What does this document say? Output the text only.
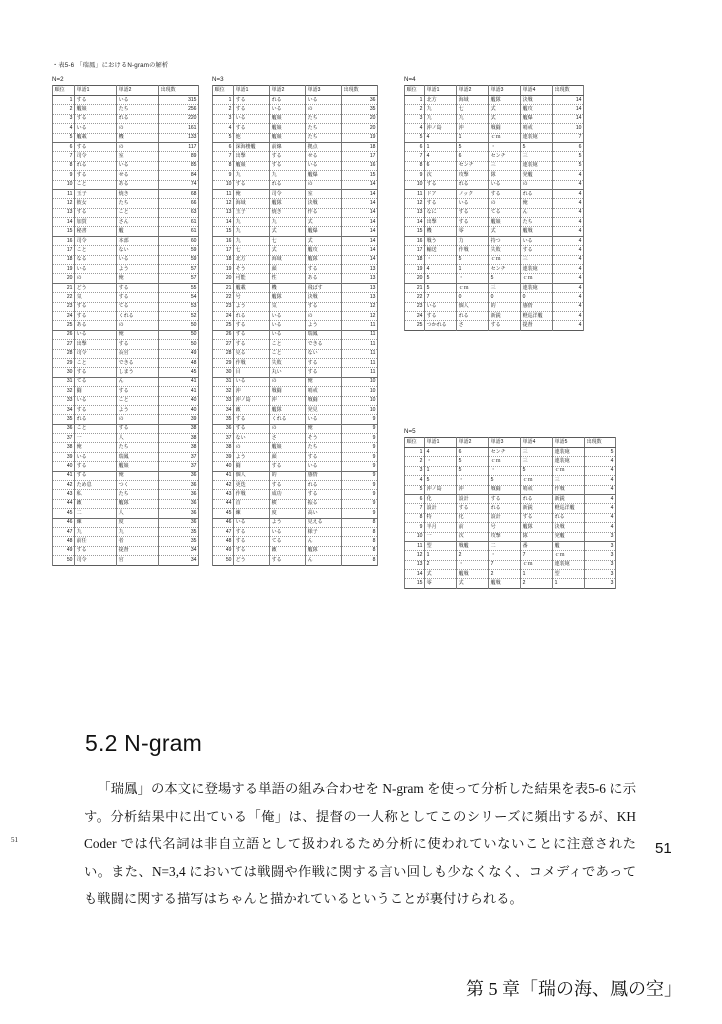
・表5-6 「瑞鳳」におけるN-gramの解析
N=2
順位	単語1	単語2	出現数
1	する	いる	315
2	艦娘	たち	256
3	する	れる	220
4	いる	の	161
5	艦載	機	133
6	する	の	117
7	司令	室	89
8	れる	いる	85
9	する	せる	84
10	こと	ある	74
11	玉子	焼き	68
12	彼女	たち	66
13	する	こと	63
14	加賀	さん	61
15	秘書	艦	61
16	司令	本部	60
17	こと	ない	59
18	なる	いる	59
19	いる	よう	57
20	の	俺	57
21	どう	する	55
22	気	する	54
23	する	てる	53
24	する	くれる	52
25	ある	の	50
26	いる	俺	50
27	出撃	する	50
28	司令	長官	49
29	こと	できる	48
30	する	しまう	45
31	てる	ん	41
32	闘	する	41
33	いる	こと	40
34	する	よう	40
35	れる	の	39
36	こと	する	38
37	一	人	38
38	俺	たち	38
39	いる	瑞鳳	37
40	する	艦娘	37
41	する	俺	36
42	ため息	つく	36
43	私	たち	36
44	敵	艦隊	36
45	二	人	36
46	練	度	36
47	九	九	35
48	前任	者	35
49	する	提督	34
50	司令	官	34
N=3
順位	単語1	単語2	単語3	出現数
1	する	れる	いる	36
2	する	いる	の	35
3	いる	艦娘	たち	20
4	する	艦娘	たち	20
5	他	艦娘	たち	19
6	深海棲艦	前線	拠点	18
7	出撃	する	せる	17
8	艦娘	する	いる	16
9	九	九	艦爆	15
10	する	れる	の	14
11	俺	司令	室	14
12	海域	艦隊	決戦	14
13	玉子	焼き	作る	14
14	九	九	式	14
15	九	式	艦爆	14
16	九	七	式	14
17	七	式	艦攻	14
18	北方	海域	艦隊	14
19	そう	顔	する	13
20	可能	性	ある	13
21	艦載	機	飛ばす	13
22	号	艦隊	決戦	13
23	よう	気	する	12
24	れる	いる	の	12
25	する	いる	よう	11
26	する	いる	瑞鳳	11
27	する	こと	できる	11
28	見る	こと	ない	11
29	作戦	失敗	する	11
30	目	丸い	する	11
31	いる	の	俺	10
32	沖	戦闘	哨戒	10
33	沖ノ島	沖	戦闘	10
34	敵	艦隊	発見	10
35	する	くれる	いる	9
36	する	の	俺	9
37	ない	さ	そう	9
38	の	艦娘	たち	9
39	よう	顔	する	9
40	闘	する	いる	9
41	個人	的	感情	9
42	更迭	する	れる	9
43	作戦	成功	する	9
44	首	横	振る	9
45	練	度	高い	9
46	いる	よう	見える	8
47	する	いる	様子	8
48	する	てる	ん	8
49	する	敵	艦隊	8
50	どう	する	ん	8
N=4
順位	単語1	単語2	単語3	単語4	出現数
1	北方	海域	艦隊	決戦	14
2	九	七	式	艦攻	14
3	九	九	式	艦爆	14
4	沖ノ島	沖	戦闘	哨戒	10
5	4	1	ｃｍ	連装砲	7
6	1	5	・	5	6
7	4	6	センチ	三	5
8	6	センチ	三	連装砲	5
9	次	攻撃	隊	発艦	4
10	する	れる	いる	の	4
11	ドア	ノック	する	れる	4
12	する	いる	の	俺	4
13	なに	する	てる	ん	4
14	出撃	する	艦娘	たち	4
15	機	零	式	艦戦	4
16	戦う	力	持つ	いる	4
17	輸送	作戦	失敗	する	4
18	・	5	ｃｍ	三	4
19	4	1	センチ	連装砲	4
20	5	・	5	ｃｍ	4
21	5	ｃｍ	三	連装砲	4
22	7	0	0	0	4
23	いる	個人	的	感情	4
24	する	れる	新鋭	軽巡洋艦	4
25	つかれる	さ	する	提督	4
N=5
順位	単語1	単語2	単語3	単語4	単語5	出現数
1	4	6	センチ	三	連装砲	5
2	・	5	ｃｍ	三	連装砲	4
3	1	5	・	5	ｃｍ	4
4	5	・	5	ｃｍ	三	4
5	沖ノ島	沖	戦闘	哨戒	作戦	4
6	化	設計	する	れる	新鋭	4
7	設計	する	れる	新鋭	軽巡洋艦	4
8	特	化	設計	する	れる	4
9	半月	前	号	艦隊	決戦	4
10	一	次	攻撃	隊	発艦	3
11	型	戦艦	二	番	艦	3
12	1	2	・	7	ｃｍ	3
13	2	・	7	ｃｍ	連装砲	3
14	式	艦戦	2	1	型	3
15	零	式	艦戦	2	1	3
5.2 N-gram

「瑞鳳」の本文に登場する単語の組み合わせを N-gram を使って分析した結果を表5-6 に示す。分析結果中に出ている「俺」は、提督の一人称としてこのシリーズに頻出するが、KH Coder では代名詞は非自立語として扱われるため分析に使われていないことに注意されたい。また、N=3,4 においては戦闘や作戦に関する言い回しも少なくなく、コメディであっても戦闘に関する描写はちゃんと描かれているということが裏付けられる。

51	51
第 5 章「瑞の海、鳳の空」
